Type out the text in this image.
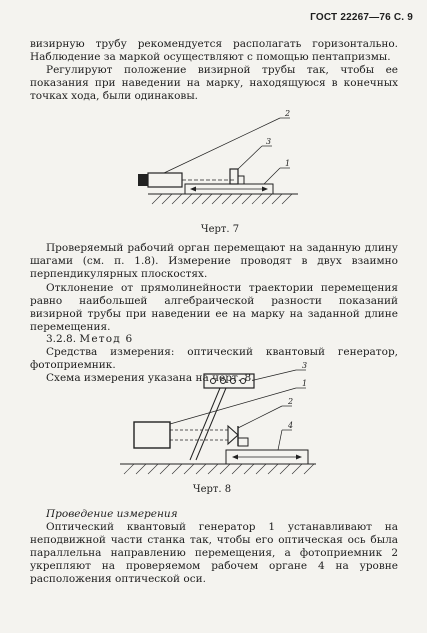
ГОСТ 22267—76 С. 9
визирную трубу рекомендуется располагать горизонтально. Наблюдение за маркой осуществляют с помощью пентапризмы.
Регулируют положение визирной трубы так, чтобы ее показания при наведении на марку, находящуюся в конечных точках хода, были одинаковы.
2
3
1
Черт. 7
Проверяемый рабочий орган перемещают на заданную длину шагами (см. п. 1.8). Измерение проводят в двух взаимно перпендикулярных плоскостях.
Отклонение от прямолинейности траектории перемещения равно наибольшей алгебраической разности показаний визирной трубы при наведении ее на марку на заданной длине перемещения.
3.2.8. Метод 6
Средства измерения: оптический квантовый генератор, фотоприемник.
Схема измерения указана на черт. 8.
3
1
2
4
Черт. 8
Проведение измерения
Оптический квантовый генератор 1 устанавливают на неподвижной части станка так, чтобы его оптическая ось была параллельна направлению перемещения, а фотоприемник 2 укрепляют на проверяемом рабочем органе 4 на уровне расположения оптической оси.
